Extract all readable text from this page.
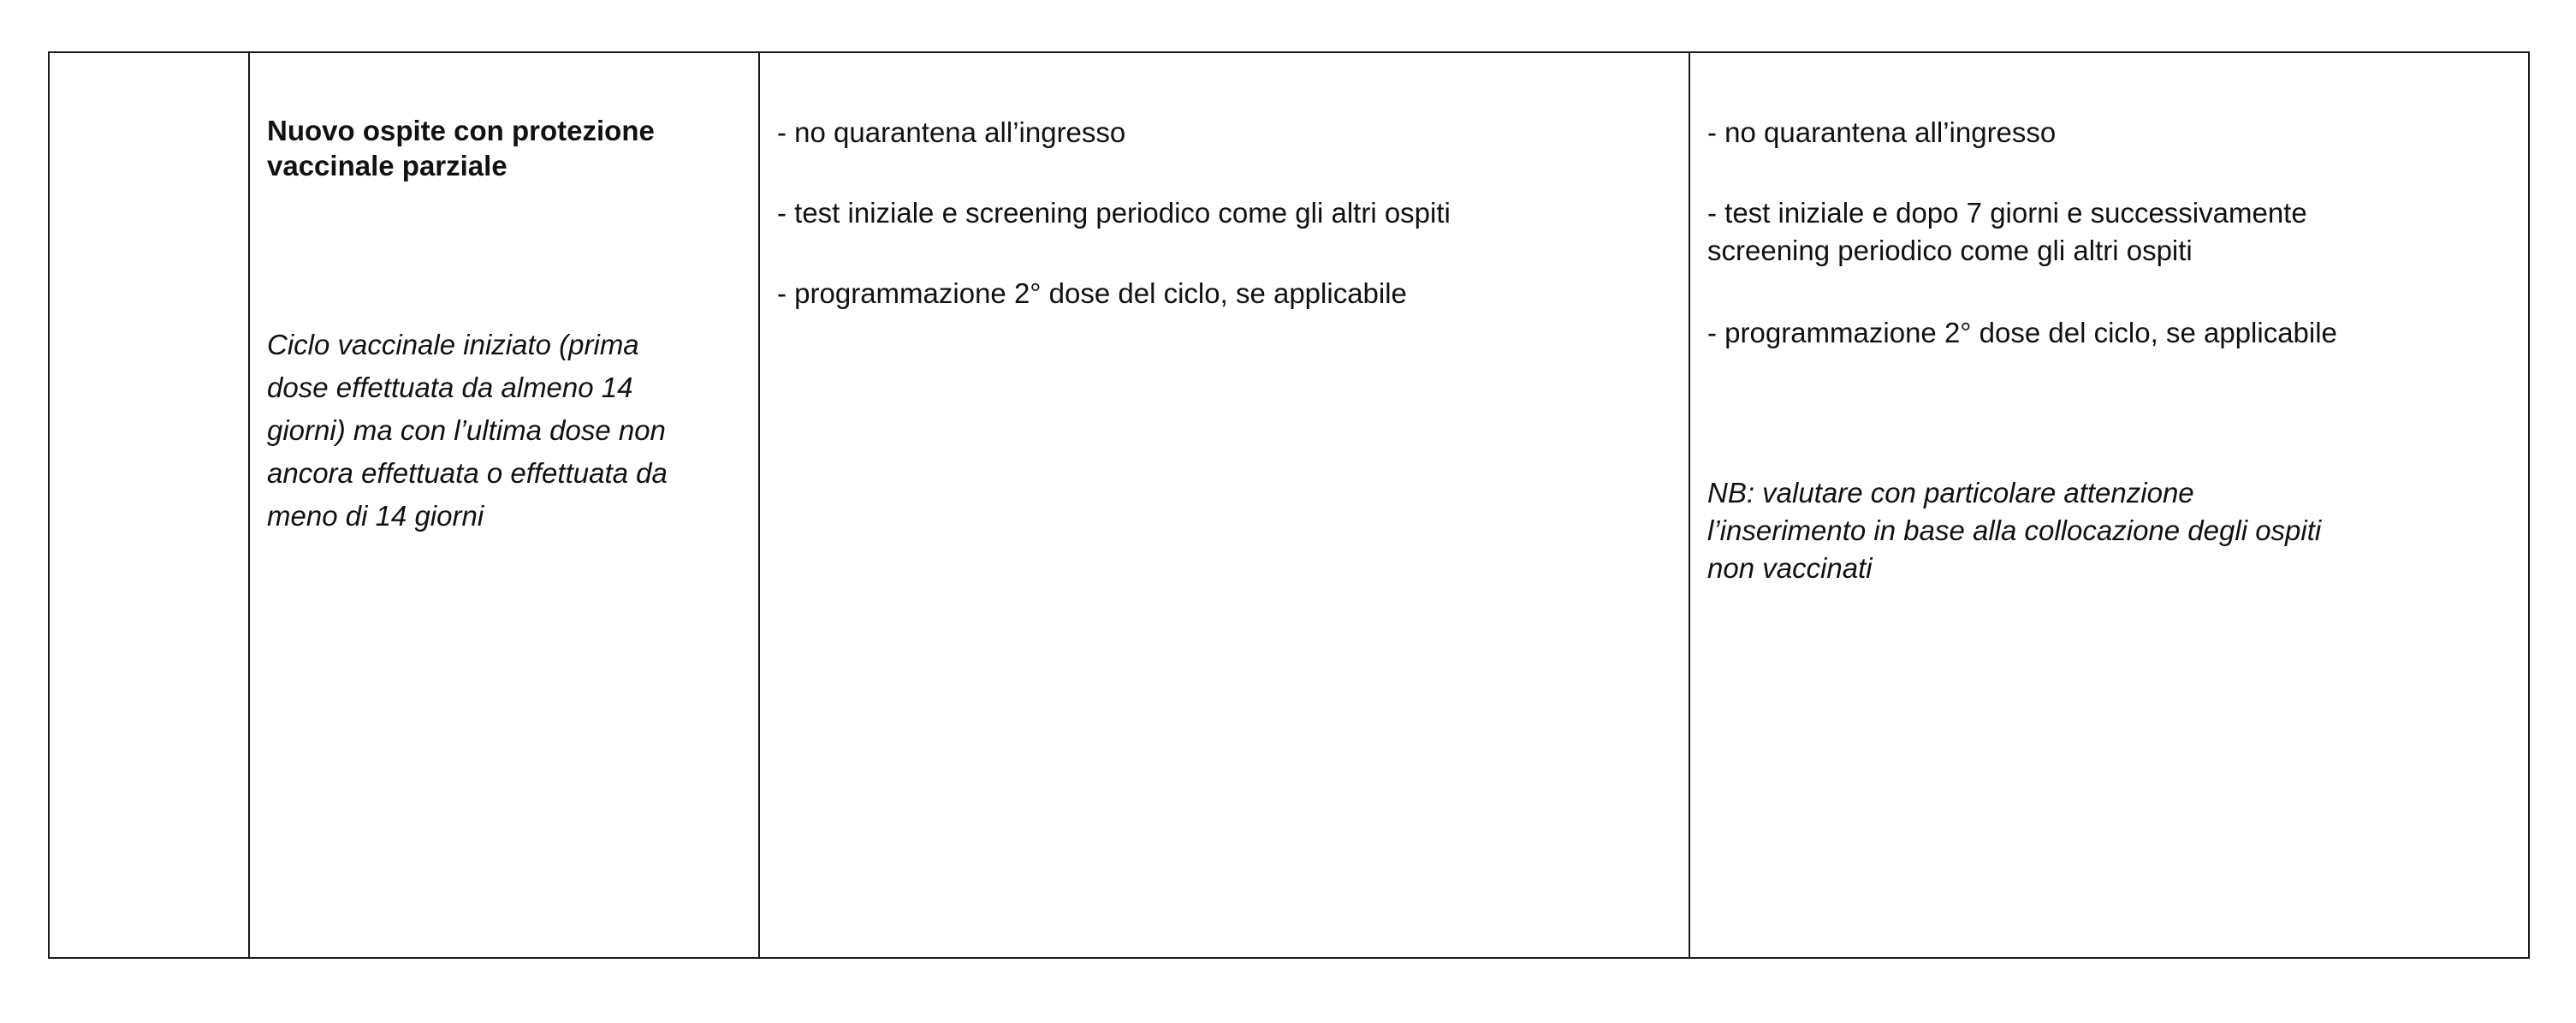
Nuovo ospite con protezione
vaccinale parziale
Ciclo vaccinale iniziato (prima
dose effettuata da almeno 14
giorni) ma con l’ultima dose non
ancora effettuata o effettuata da
meno di 14 giorni
- no quarantena all’ingresso
- test iniziale e screening periodico come gli altri ospiti
- programmazione 2° dose del ciclo, se applicabile
- no quarantena all’ingresso
- test iniziale e dopo 7 giorni e successivamente
screening periodico come gli altri ospiti
- programmazione 2° dose del ciclo, se applicabile
NB: valutare con particolare attenzione
l’inserimento in base alla collocazione degli ospiti
non vaccinati
